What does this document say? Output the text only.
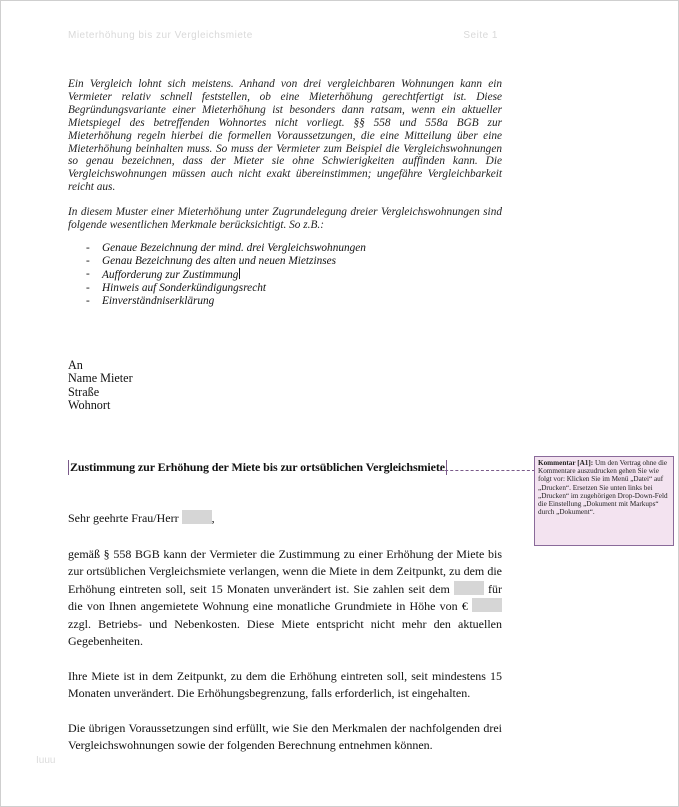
Mieterhöhung bis zur Vergleichsmiete	Seite 1

Ein Vergleich lohnt sich meistens. Anhand von drei vergleichbaren Wohnungen kann ein Vermieter relativ schnell feststellen, ob eine Mieterhöhung gerechtfertigt ist. Diese Begründungsvariante einer Mieterhöhung ist besonders dann ratsam, wenn ein aktueller Mietspiegel des betreffenden Wohnortes nicht vorliegt. §§ 558 und 558a BGB zur Mieterhöhung regeln hierbei die formellen Voraussetzungen, die eine Mitteilung über eine Mieterhöhung beinhalten muss. So muss der Vermieter zum Beispiel die Vergleichswohnungen so genau bezeichnen, dass der Mieter sie ohne Schwierigkeiten auffinden kann. Die Vergleichswohnungen müssen auch nicht exakt übereinstimmen; ungefähre Vergleichbarkeit reicht aus.

In diesem Muster einer Mieterhöhung unter Zugrundelegung dreier Vergleichswohnungen sind folgende wesentlichen Merkmale berücksichtigt. So z.B.:

- Genaue Bezeichnung der mind. drei Vergleichswohnungen
- Genau Bezeichnung des alten und neuen Mietzinses
- Aufforderung zur Zustimmung
- Hinweis auf Sonderkündigungsrecht
- Einverständniserklärung
An
Name Mieter
Straße
Wohnort
Zustimmung zur Erhöhung der Miete bis zur ortsüblichen Vergleichsmiete	Kommentar [A1]: Um den Vertrag ohne die Kommentare auszudrucken gehen Sie wie folgt vor: Klicken Sie im Menü „Datei“ auf „Drucken“. Ersetzen Sie unten links bei „Drucken“ im zugehörigen Drop-Down-Feld die Einstellung „Dokument mit Markups“ durch „Dokument“.

Sehr geehrte Frau/Herr	,

gemäß § 558 BGB kann der Vermieter die Zustimmung zu einer Erhöhung der Miete bis zur ortsüblichen Vergleichsmiete verlangen, wenn die Miete in dem Zeitpunkt, zu dem die Erhöhung eintreten soll, seit 15 Monaten unverändert ist. Sie zahlen seit dem	für die von Ihnen angemietete Wohnung eine monatliche Grundmiete in Höhe von €  zzgl. Betriebs- und Nebenkosten. Diese Miete entspricht nicht mehr den aktuellen Gegebenheiten.

Ihre Miete ist in dem Zeitpunkt, zu dem die Erhöhung eintreten soll, seit mindestens 15 Monaten unverändert. Die Erhöhungsbegrenzung, falls erforderlich, ist eingehalten.

Die übrigen Voraussetzungen sind erfüllt, wie Sie den Merkmalen der nachfolgenden drei Vergleichswohnungen sowie der folgenden Berechnung entnehmen können.

Iuuu
